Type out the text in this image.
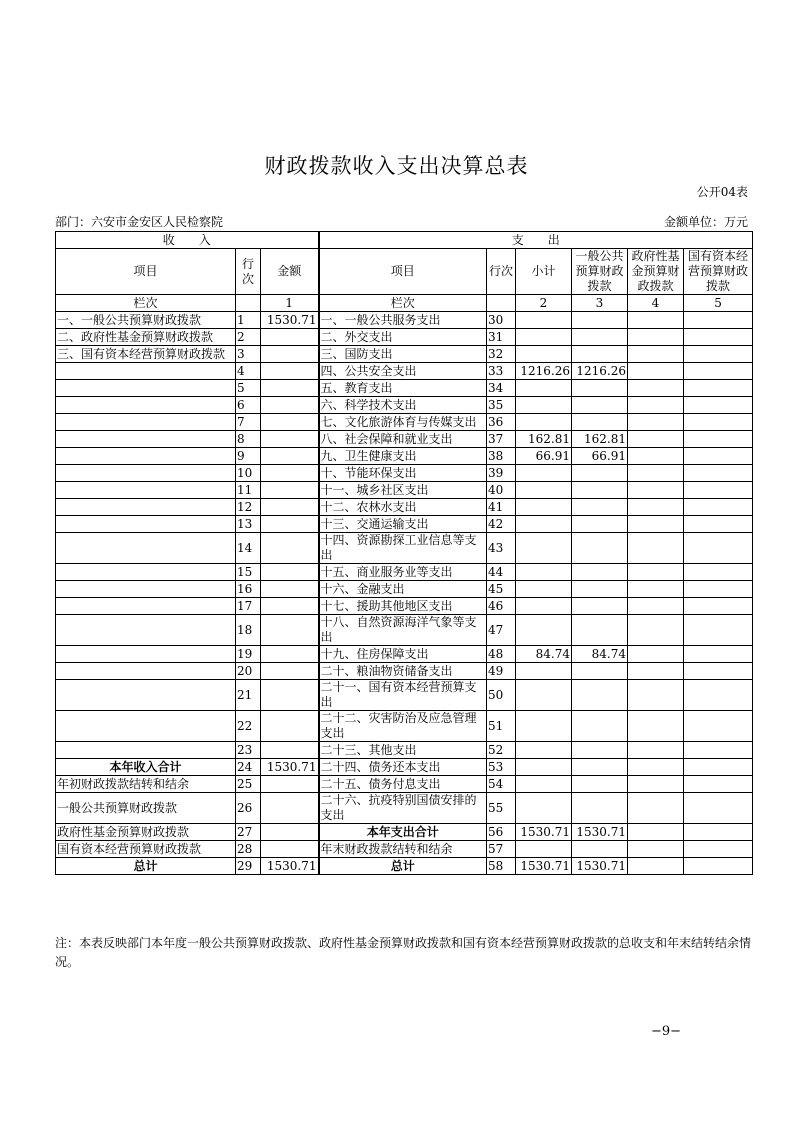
财政拨款收入支出决算总表
公开04表
部门：六安市金安区人民检察院	金额单位：万元
收　　入			支　　出					
项目	行次	金额	项目	行次	小计	一般公共预算财政拨款	政府性基金预算财政拨款	国有资本经营预算财政拨款
栏次		1	栏次		2	3	4	5
一、一般公共预算财政拨款	1	1530.71	一、一般公共服务支出	30				
二、政府性基金预算财政拨款	2		二、外交支出	31				
三、国有资本经营预算财政拨款	3		三、国防支出	32				
	4		四、公共安全支出	33	1216.26	1216.26		
	5		五、教育支出	34				
	6		六、科学技术支出	35				
	7		七、文化旅游体育与传媒支出	36				
	8		八、社会保障和就业支出	37	162.81	162.81		
	9		九、卫生健康支出	38	66.91	66.91		
	10		十、节能环保支出	39				
	11		十一、城乡社区支出	40				
	12		十二、农林水支出	41				
	13		十三、交通运输支出	42				
	14		十四、资源勘探工业信息等支出	43				
	15		十五、商业服务业等支出	44				
	16		十六、金融支出	45				
	17		十七、援助其他地区支出	46				
	18		十八、自然资源海洋气象等支出	47				
	19		十九、住房保障支出	48	84.74	84.74		
	20		二十、粮油物资储备支出	49				
	21		二十一、国有资本经营预算支出	50				
	22		二十二、灾害防治及应急管理支出	51				
	23		二十三、其他支出	52				
本年收入合计	24	1530.71	二十四、债务还本支出	53				
年初财政拨款结转和结余	25		二十五、债务付息支出	54				
一般公共预算财政拨款	26		二十六、抗疫特别国债安排的支出	55				
政府性基金预算财政拨款	27		本年支出合计	56	1530.71	1530.71		
国有资本经营预算财政拨款	28		年末财政拨款结转和结余	57				
总计	29	1530.71	总计	58	1530.71	1530.71		
注：本表反映部门本年度一般公共预算财政拨款、政府性基金预算财政拨款和国有资本经营预算财政拨款的总收支和年末结转结余情况。
−9−
